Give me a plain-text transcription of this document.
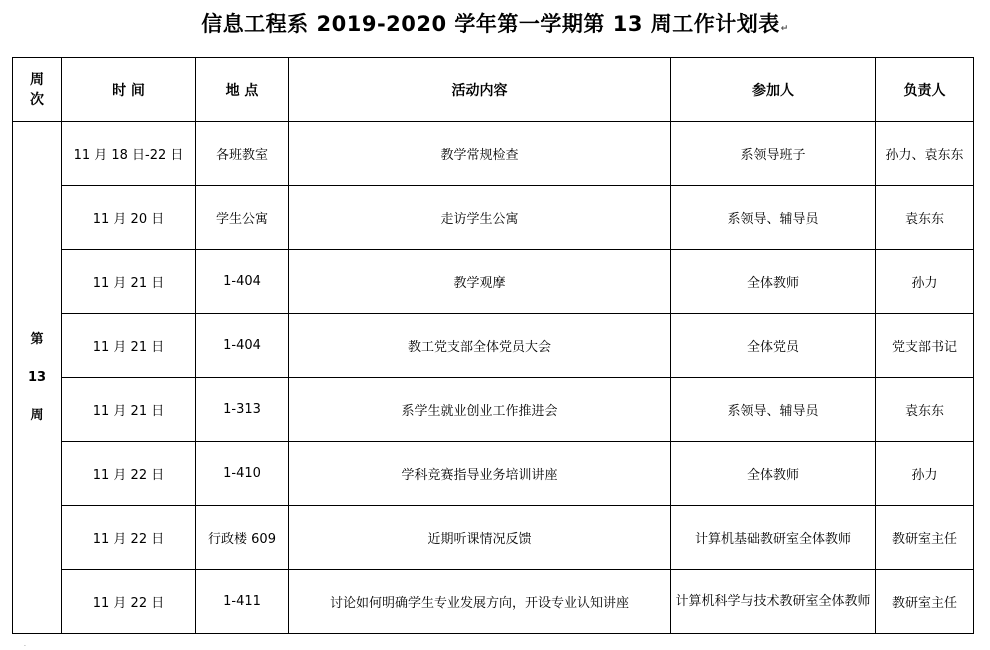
信息工程系 2019-2020 学年第一学期第 13 周工作计划表↵
周
次	时 间	地 点	活动内容	参加人	负责人

第
13
周	11 月 18 日-22 日	各班教室	教学常规检查	系领导班子	孙力、袁东东
	11 月 20 日	学生公寓	走访学生公寓	系领导、辅导员	袁东东
	11 月 21 日	1-404	教学观摩	全体教师	孙力
	11 月 21 日	1-404	教工党支部全体党员大会	全体党员	党支部书记
	11 月 21 日	1-313	系学生就业创业工作推进会	系领导、辅导员	袁东东
	11 月 22 日	1-410	学科竞赛指导业务培训讲座	全体教师	孙力
	11 月 22 日	行政楼 609	近期听课情况反馈	计算机基础教研室全体教师	教研室主任
	11 月 22 日	1-411	讨论如何明确学生专业发展方向，开设专业认知讲座	计算机科学与技术教研室全体教师	教研室主任
·
